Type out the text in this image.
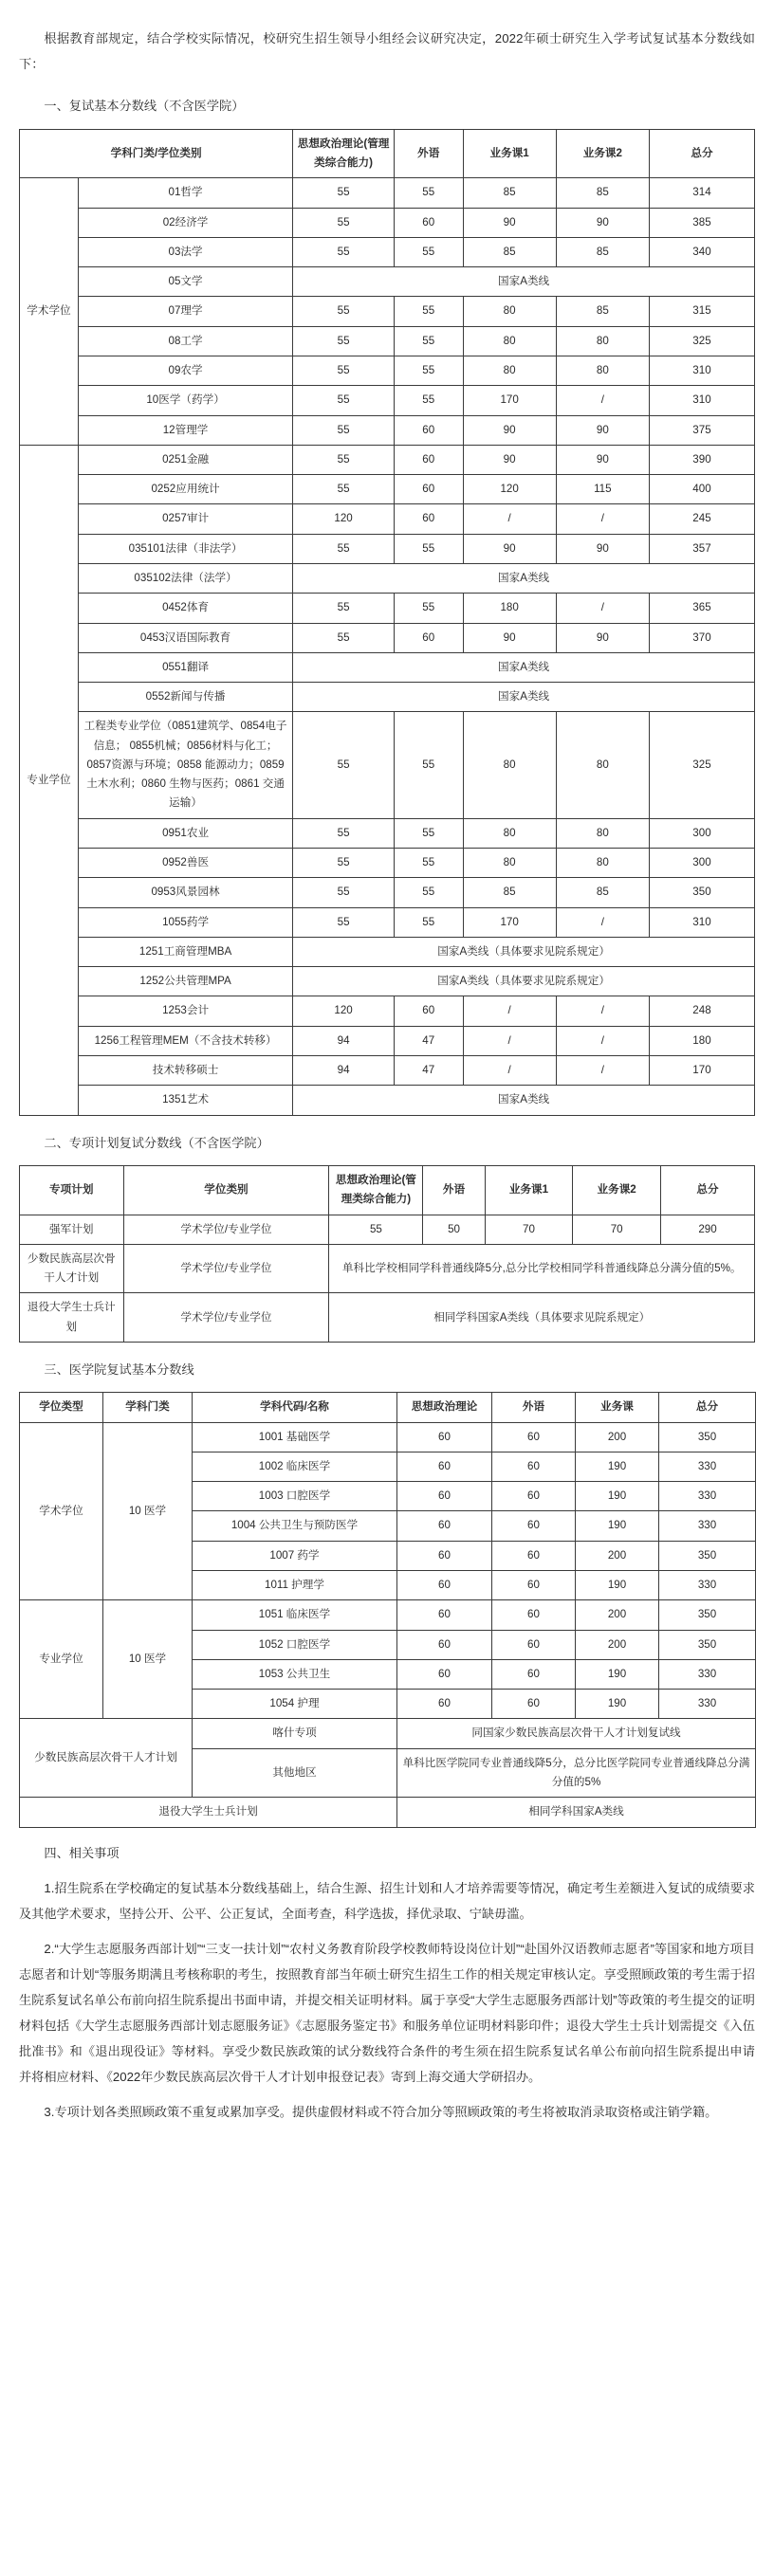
根据教育部规定，结合学校实际情况，校研究生招生领导小组经会议研究决定，2022年硕士研究生入学考试复试基本分数线如下：

一、复试基本分数线（不含医学院）
学科门类/学位类别		思想政治理论(管理类综合能力)	外语	业务课1	业务课2	总分
学术学位	01哲学	55	55	85	85	314
	02经济学	55	60	90	90	385
	03法学	55	55	85	85	340
	05文学	国家A类线				
	07理学	55	55	80	85	315
	08工学	55	55	80	80	325
	09农学	55	55	80	80	310
	10医学（药学）	55	55	170	/	310
	12管理学	55	60	90	90	375
专业学位	0251金融	55	60	90	90	390
	0252应用统计	55	60	120	115	400
	0257审计	120	60	/	/	245
	035101法律（非法学）	55	55	90	90	357
	035102法律（法学）	国家A类线				
	0452体育	55	55	180	/	365
	0453汉语国际教育	55	60	90	90	370
	0551翻译	国家A类线				
	0552新闻与传播	国家A类线				
	工程类专业学位（0851建筑学、0854电子信息； 0855机械；0856材料与化工；0857资源与环境；0858 能源动力；0859 土木水利；0860 生物与医药；0861 交通运输）	55	55	80	80	325
	0951农业	55	55	80	80	300
	0952兽医	55	55	80	80	300
	0953风景园林	55	55	85	85	350
	1055药学	55	55	170	/	310
	1251工商管理MBA	国家A类线（具体要求见院系规定）				
	1252公共管理MPA	国家A类线（具体要求见院系规定）				
	1253会计	120	60	/	/	248
	1256工程管理MEM（不含技术转移）	94	47	/	/	180
	技术转移硕士	94	47	/	/	170
	1351艺术	国家A类线				
二、专项计划复试分数线（不含医学院）
专项计划	学位类别	思想政治理论(管理类综合能力)	外语	业务课1	业务课2	总分
强军计划	学术学位/专业学位	55	50	70	70	290
少数民族高层次骨干人才计划	学术学位/专业学位	单科比学校相同学科普通线降5分,总分比学校相同学科普通线降总分满分值的5%。				
退役大学生士兵计划	学术学位/专业学位	相同学科国家A类线（具体要求见院系规定）				
三、医学院复试基本分数线
学位类型	学科门类	学科代码/名称	思想政治理论	外语	业务课	总分
学术学位	10 医学	1001 基础医学	60	60	200	350
		1002 临床医学	60	60	190	330
		1003 口腔医学	60	60	190	330
		1004 公共卫生与预防医学	60	60	190	330
		1007 药学	60	60	200	350
		1011 护理学	60	60	190	330
专业学位	10 医学	1051 临床医学	60	60	200	350
		1052 口腔医学	60	60	200	350
		1053 公共卫生	60	60	190	330
		1054 护理	60	60	190	330
少数民族高层次骨干人才计划		喀什专项	同国家少数民族高层次骨干人才计划复试线			
		其他地区	单科比医学院同专业普通线降5分，总分比医学院同专业普通线降总分满分值的5%			
退役大学生士兵计划			相同学科国家A类线			
四、相关事项

1.招生院系在学校确定的复试基本分数线基础上，结合生源、招生计划和人才培养需要等情况，确定考生差额进入复试的成绩要求及其他学术要求，坚持公开、公平、公正复试，全面考查，科学选拔，择优录取、宁缺毋滥。

2.“大学生志愿服务西部计划”“三支一扶计划”“农村义务教育阶段学校教师特设岗位计划”“赴国外汉语教师志愿者”等国家和地方项目志愿者和计划“等服务期满且考核称职的考生，按照教育部当年硕士研究生招生工作的相关规定审核认定。享受照顾政策的考生需于招生院系复试名单公布前向招生院系提出书面申请，并提交相关证明材料。属于享受“大学生志愿服务西部计划”等政策的考生提交的证明材料包括《大学生志愿服务西部计划志愿服务证》《志愿服务鉴定书》和服务单位证明材料影印件；退役大学生士兵计划需提交《入伍批准书》和《退出现役证》等材料。享受少数民族政策的试分数线符合条件的考生须在招生院系复试名单公布前向招生院系提出申请并将相应材料、《2022年少数民族高层次骨干人才计划申报登记表》寄到上海交通大学研招办。

3.专项计划各类照顾政策不重复或累加享受。提供虚假材料或不符合加分等照顾政策的考生将被取消录取资格或注销学籍。
